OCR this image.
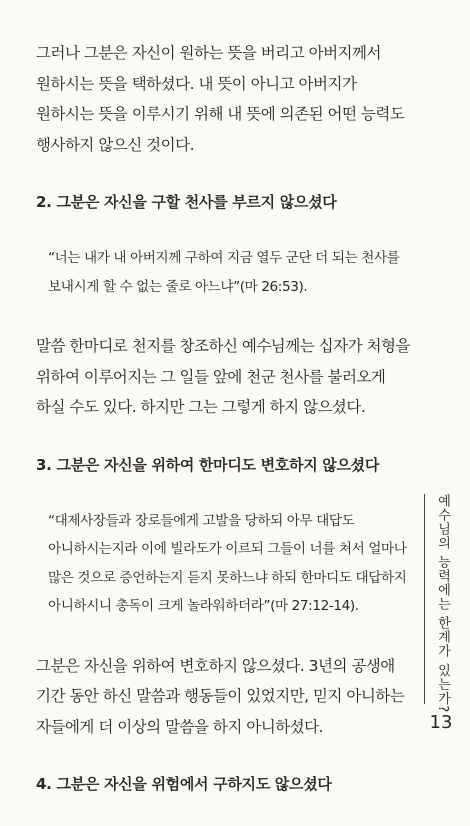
그러나 그분은 자신이 원하는 뜻을 버리고 아버지께서 원하시는 뜻을 택하셨다. 내 뜻이 아니고 아버지가 원하시는 뜻을 이루시기 위해 내 뜻에 의존된 어떤 능력도 행사하지 않으신 것이다.

2. 그분은 자신을 구할 천사를 부르지 않으셨다

“너는 내가 내 아버지께 구하여 지금 열두 군단 더 되는 천사를 보내시게 할 수 없는 줄로 아느냐”(마 26:53).

말씀 한마디로 천지를 창조하신 예수님께는 십자가 처형을 위하여 이루어지는 그 일들 앞에 천군 천사를 불러오게 하실 수도 있다. 하지만 그는 그렇게 하지 않으셨다.

3. 그분은 자신을 위하여 한마디도 변호하지 않으셨다

“대제사장들과 장로들에게 고발을 당하되 아무 대답도 아니하시는지라 이에 빌라도가 이르되 그들이 너를 쳐서 얼마나 많은 것으로 증언하는지 듣지 못하느냐 하되 한마디도 대답하지 아니하시니 총독이 크게 놀라워하더라”(마 27:12-14).

그분은 자신을 위하여 변호하지 않으셨다. 3년의 공생애 기간 동안 하신 말씀과 행동들이 있었지만, 믿지 아니하는 자들에게 더 이상의 말씀을 하지 아니하셨다.

4. 그분은 자신을 위험에서 구하지도 않으셨다

예수님의 능력에는 한계가 있는가?
13
